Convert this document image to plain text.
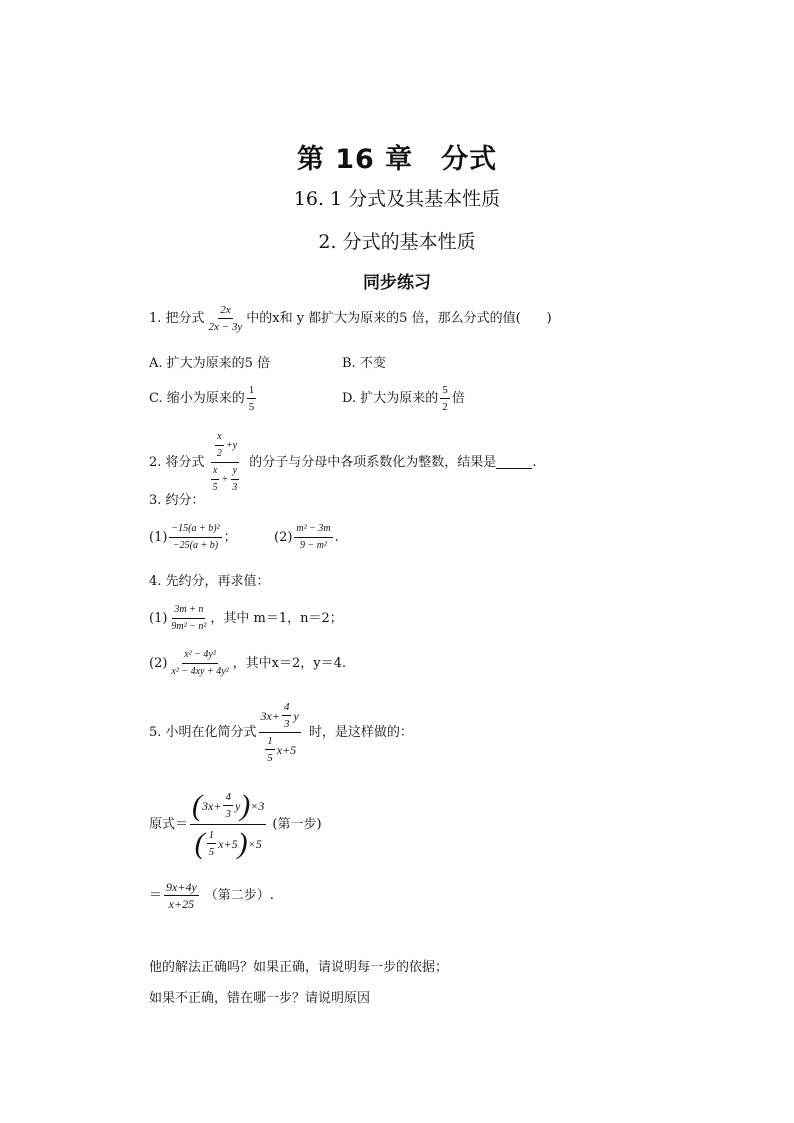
第 16 章　分式
16. 1 分式及其基本性质
2. 分式的基本性质
同步练习
1. 把分式 $\frac{2x}{2x - 3y}$ 中的x和 y 都扩大为原来的5 倍，那么分式的值(　　)
A. 扩大为原来的5 倍	B. 不变
C. 缩小为原来的 $\frac{1}{5}$	D. 扩大为原来的 $\frac{5}{2}$ 倍
2. 将分式 $\frac{\frac{x}{2} +y}{\frac{x}{5} + \frac{y}{3}}$ 的分子与分母中各项系数化为整数，结果是	.
3. 约分：
$(1) \frac{\text{−15(a + b)²}}{-25(a + b)}$ ；	$(2) \frac{\text{m² − 3m}}{\text{9 − m²}}$ .
4. 先约分，再求值：
$(1) \frac{3m + n}{\text{9m² − n²}}$ ，其中 m＝1，n＝2；
$(2) \frac{\text{x² − 4y²}}{\text{x² − 4xy + 4y²}}$ ，其中x＝2，y＝4.
5. 小明在化简分式 $\frac{3x+ \frac{4}{3} y}{\frac{1}{5} x +5}$ 时，是这样做的：
原式＝ $\frac{( 3x+ \frac{4}{3} y ) \times 3}{( \frac{1}{5} x+5 ) \times 5}$ (第一步)
＝ $\frac{9x+4y}{x+25}$ （第二步）.
他的解法正确吗？如果正确，请说明每一步的依据；
如果不正确，错在哪一步？请说明原因
